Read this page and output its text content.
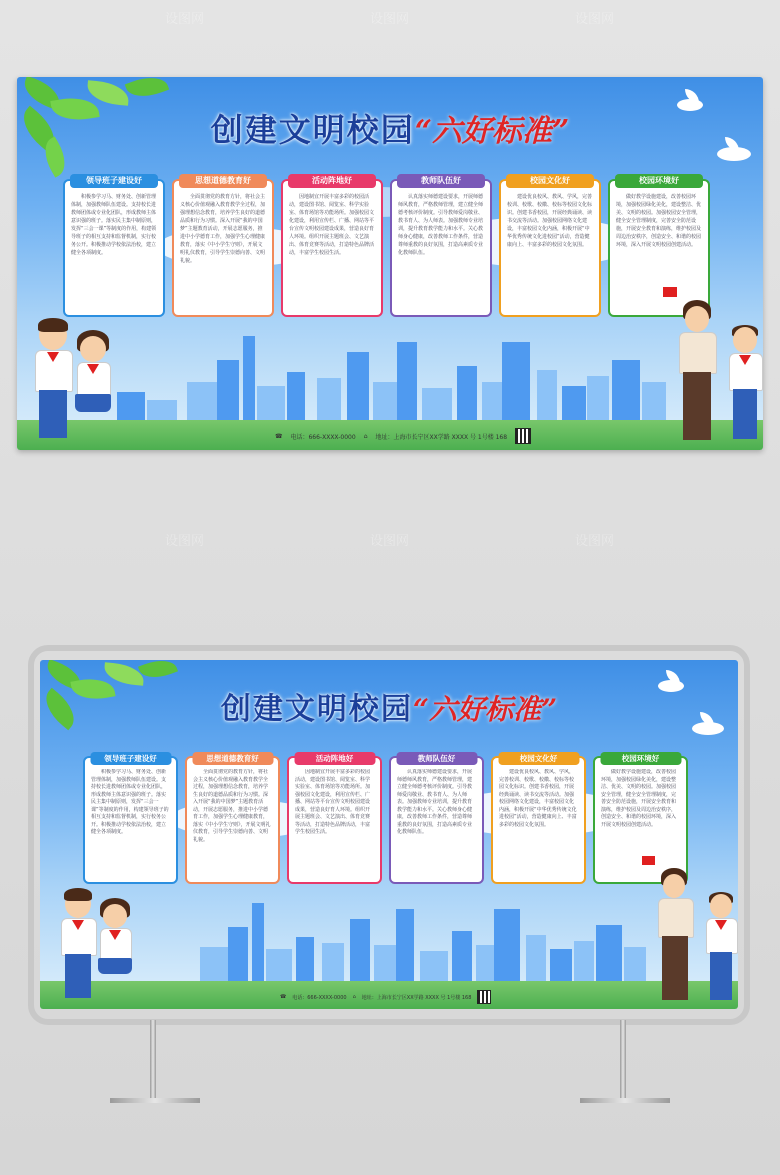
设图网	设图网	设图网
设图网	设图网	设图网
创建文明校园“六好标准”
领导班子建设好
积极参学习马、财务处、创新管理体制，加强教师队伍建设。支持校长进教师团体或专业化团队，形成教师主体意识强的班子。落实民主集中制原则，发挥“三会一课”等制度的作用，构建领导班子的相互支持和监督机制，实行校务公开。积极推动学校依法治校，建立健全各项制度。
思想道德教育好
全面贯彻党的教育方针，将社会主义核心价值观融入教育教学全过程，加强理想信念教育，培养学生良好的道德品质和行为习惯。深入开展“我的中国梦”主题教育活动，开展志愿服务，推进中小学德育工作，加强学生心理健康教育，落实《中小学生守则》，开展文明礼仪教育，引导学生崇德向善、文明礼貌。
活动阵地好
因地制宜开展丰富多彩的校园活动，建设图书馆、阅览室、科学实验室、体育场馆等功能场所。加强校园文化建设，利用宣传栏、广播、网站等平台宣传文明校园建设成果，营造良好育人环境。组织开展主题班会、文艺演出、体育竞赛等活动，打造特色品牌活动，丰富学生校园生活。
教师队伍好
认真落实师德建设要求，开展师德师风教育，严格教师管理，建立健全师德考核评价制度。引导教师爱岗敬业、教书育人、为人师表。加强教师专业培训，提升教育教学能力和水平。关心教师身心健康，改善教师工作条件，营造尊师重教的良好氛围，打造高素质专业化教师队伍。
校园文化好
建设优良校风、教风、学风，完善校训、校歌、校徽、校标等校园文化标识。创建书香校园，开展经典诵读、读书交流等活动。加强校园网络文化建设，丰富校园文化内涵，积极开展“中华优秀传统文化进校园”活动，营造健康向上、丰富多彩的校园文化氛围。
校园环境好
做好教学设施建设，改善校园环境，加强校园绿化美化，建设整洁、优美、文明的校园。加强校园安全管理，健全安全管理制度，完善安全防范设施，开展安全教育和演练，维护校园及周边治安秩序，创造安全、和谐的校园环境，深入开展文明校园创建活动。
☎ 电话：666-XXXX-0000 ⌂ 地址：上海市长宁区XX学路 XXXX 号 1号楼 168
创建文明校园“六好标准”
领导班子建设好
积极参学习马、财务处、创新管理体制，加强教师队伍建设。支持校长进教师团体或专业化团队，形成教师主体意识强的班子。落实民主集中制原则，发挥“三会一课”等制度的作用，构建领导班子的相互支持和监督机制，实行校务公开。积极推动学校依法治校，建立健全各项制度。
思想道德教育好
全面贯彻党的教育方针，将社会主义核心价值观融入教育教学全过程，加强理想信念教育，培养学生良好的道德品质和行为习惯。深入开展“我的中国梦”主题教育活动，开展志愿服务，推进中小学德育工作，加强学生心理健康教育，落实《中小学生守则》，开展文明礼仪教育，引导学生崇德向善、文明礼貌。
活动阵地好
因地制宜开展丰富多彩的校园活动，建设图书馆、阅览室、科学实验室、体育场馆等功能场所。加强校园文化建设，利用宣传栏、广播、网站等平台宣传文明校园建设成果，营造良好育人环境。组织开展主题班会、文艺演出、体育竞赛等活动，打造特色品牌活动，丰富学生校园生活。
教师队伍好
认真落实师德建设要求，开展师德师风教育，严格教师管理，建立健全师德考核评价制度。引导教师爱岗敬业、教书育人、为人师表。加强教师专业培训，提升教育教学能力和水平。关心教师身心健康，改善教师工作条件，营造尊师重教的良好氛围，打造高素质专业化教师队伍。
校园文化好
建设优良校风、教风、学风，完善校训、校歌、校徽、校标等校园文化标识。创建书香校园，开展经典诵读、读书交流等活动。加强校园网络文化建设，丰富校园文化内涵，积极开展“中华优秀传统文化进校园”活动，营造健康向上、丰富多彩的校园文化氛围。
校园环境好
做好教学设施建设，改善校园环境，加强校园绿化美化，建设整洁、优美、文明的校园。加强校园安全管理，健全安全管理制度，完善安全防范设施，开展安全教育和演练，维护校园及周边治安秩序，创造安全、和谐的校园环境，深入开展文明校园创建活动。
☎ 电话：666-XXXX-0000 ⌂ 地址：上海市长宁区XX学路 XXXX 号 1号楼 168
